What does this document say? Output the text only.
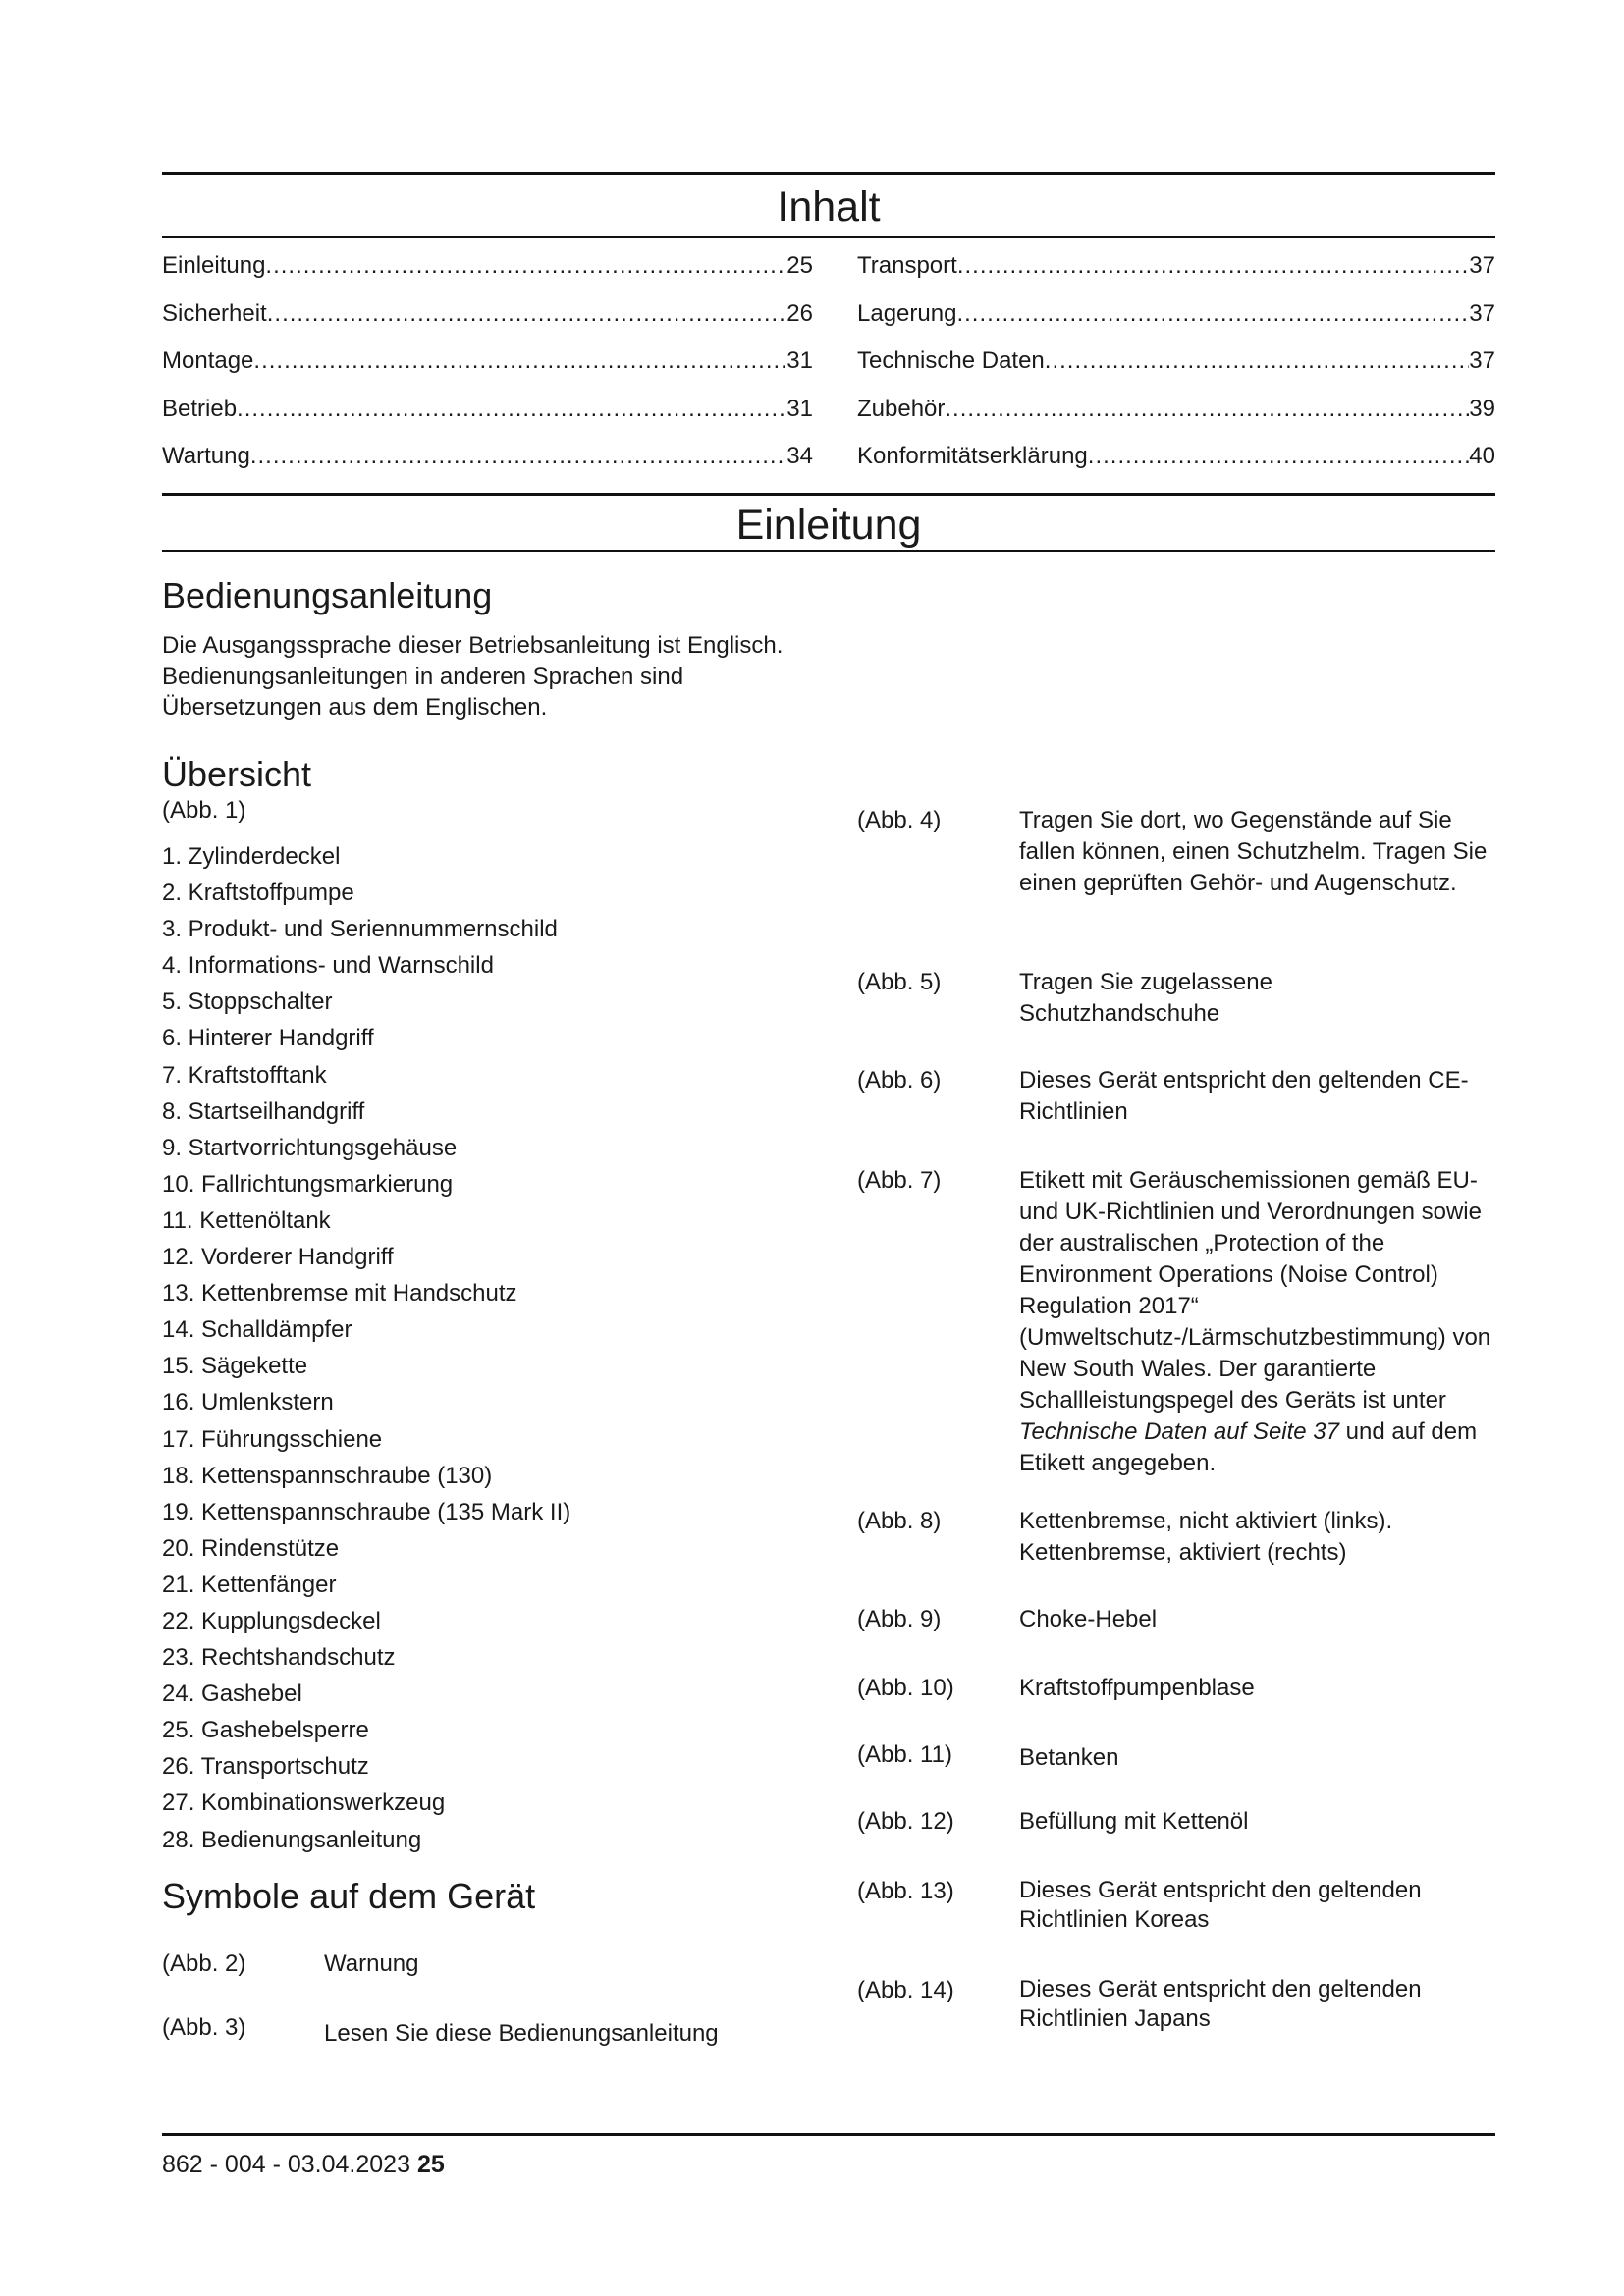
Inhalt
Einleitung .....	25
Sicherheit .....	26
Montage .....	31
Betrieb .....	31
Wartung .....	34
Transport .....	37
Lagerung .....	37
Technische Daten .....	37
Zubehör .....	39
Konformitätserklärung .....	40
Einleitung
Bedienungsanleitung
Die Ausgangssprache dieser Betriebsanleitung ist Englisch. Bedienungsanleitungen in anderen Sprachen sind Übersetzungen aus dem Englischen.
Übersicht
(Abb. 1)
1. Zylinderdeckel
2. Kraftstoffpumpe
3. Produkt- und Seriennummernschild
4. Informations- und Warnschild
5. Stoppschalter
6. Hinterer Handgriff
7. Kraftstofftank
8. Startseilhandgriff
9. Startvorrichtungsgehäuse
10. Fallrichtungsmarkierung
11. Kettenöltank
12. Vorderer Handgriff
13. Kettenbremse mit Handschutz
14. Schalldämpfer
15. Sägekette
16. Umlenkstern
17. Führungsschiene
18. Kettenspannschraube (130)
19. Kettenspannschraube (135 Mark II)
20. Rindenstütze
21. Kettenfänger
22. Kupplungsdeckel
23. Rechtshandschutz
24. Gashebel
25. Gashebelsperre
26. Transportschutz
27. Kombinationswerkzeug
28. Bedienungsanleitung
Symbole auf dem Gerät
(Abb. 2)	Warnung
(Abb. 3)	Lesen Sie diese Bedienungsanleitung
(Abb. 4)	Tragen Sie dort, wo Gegenstände auf Sie fallen können, einen Schutzhelm. Tragen Sie einen geprüften Gehör- und Augenschutz.
(Abb. 5)	Tragen Sie zugelassene Schutzhandschuhe
(Abb. 6)	Dieses Gerät entspricht den geltenden CE-Richtlinien
(Abb. 7)	Etikett mit Geräuschemissionen gemäß EU- und UK-Richtlinien und Verordnungen sowie der australischen „Protection of the Environment Operations (Noise Control) Regulation 2017“ (Umweltschutz-/Lärmschutzbestimmung) von New South Wales. Der garantierte Schallleistungspegel des Geräts ist unter Technische Daten auf Seite 37 und auf dem Etikett angegeben.
(Abb. 8)	Kettenbremse, nicht aktiviert (links). Kettenbremse, aktiviert (rechts)
(Abb. 9)	Choke-Hebel
(Abb. 10)	Kraftstoffpumpenblase
(Abb. 11)	Betanken
(Abb. 12)	Befüllung mit Kettenöl
(Abb. 13)	Dieses Gerät entspricht den geltenden Richtlinien Koreas
(Abb. 14)	Dieses Gerät entspricht den geltenden Richtlinien Japans
862 - 004 - 03.04.2023 25
